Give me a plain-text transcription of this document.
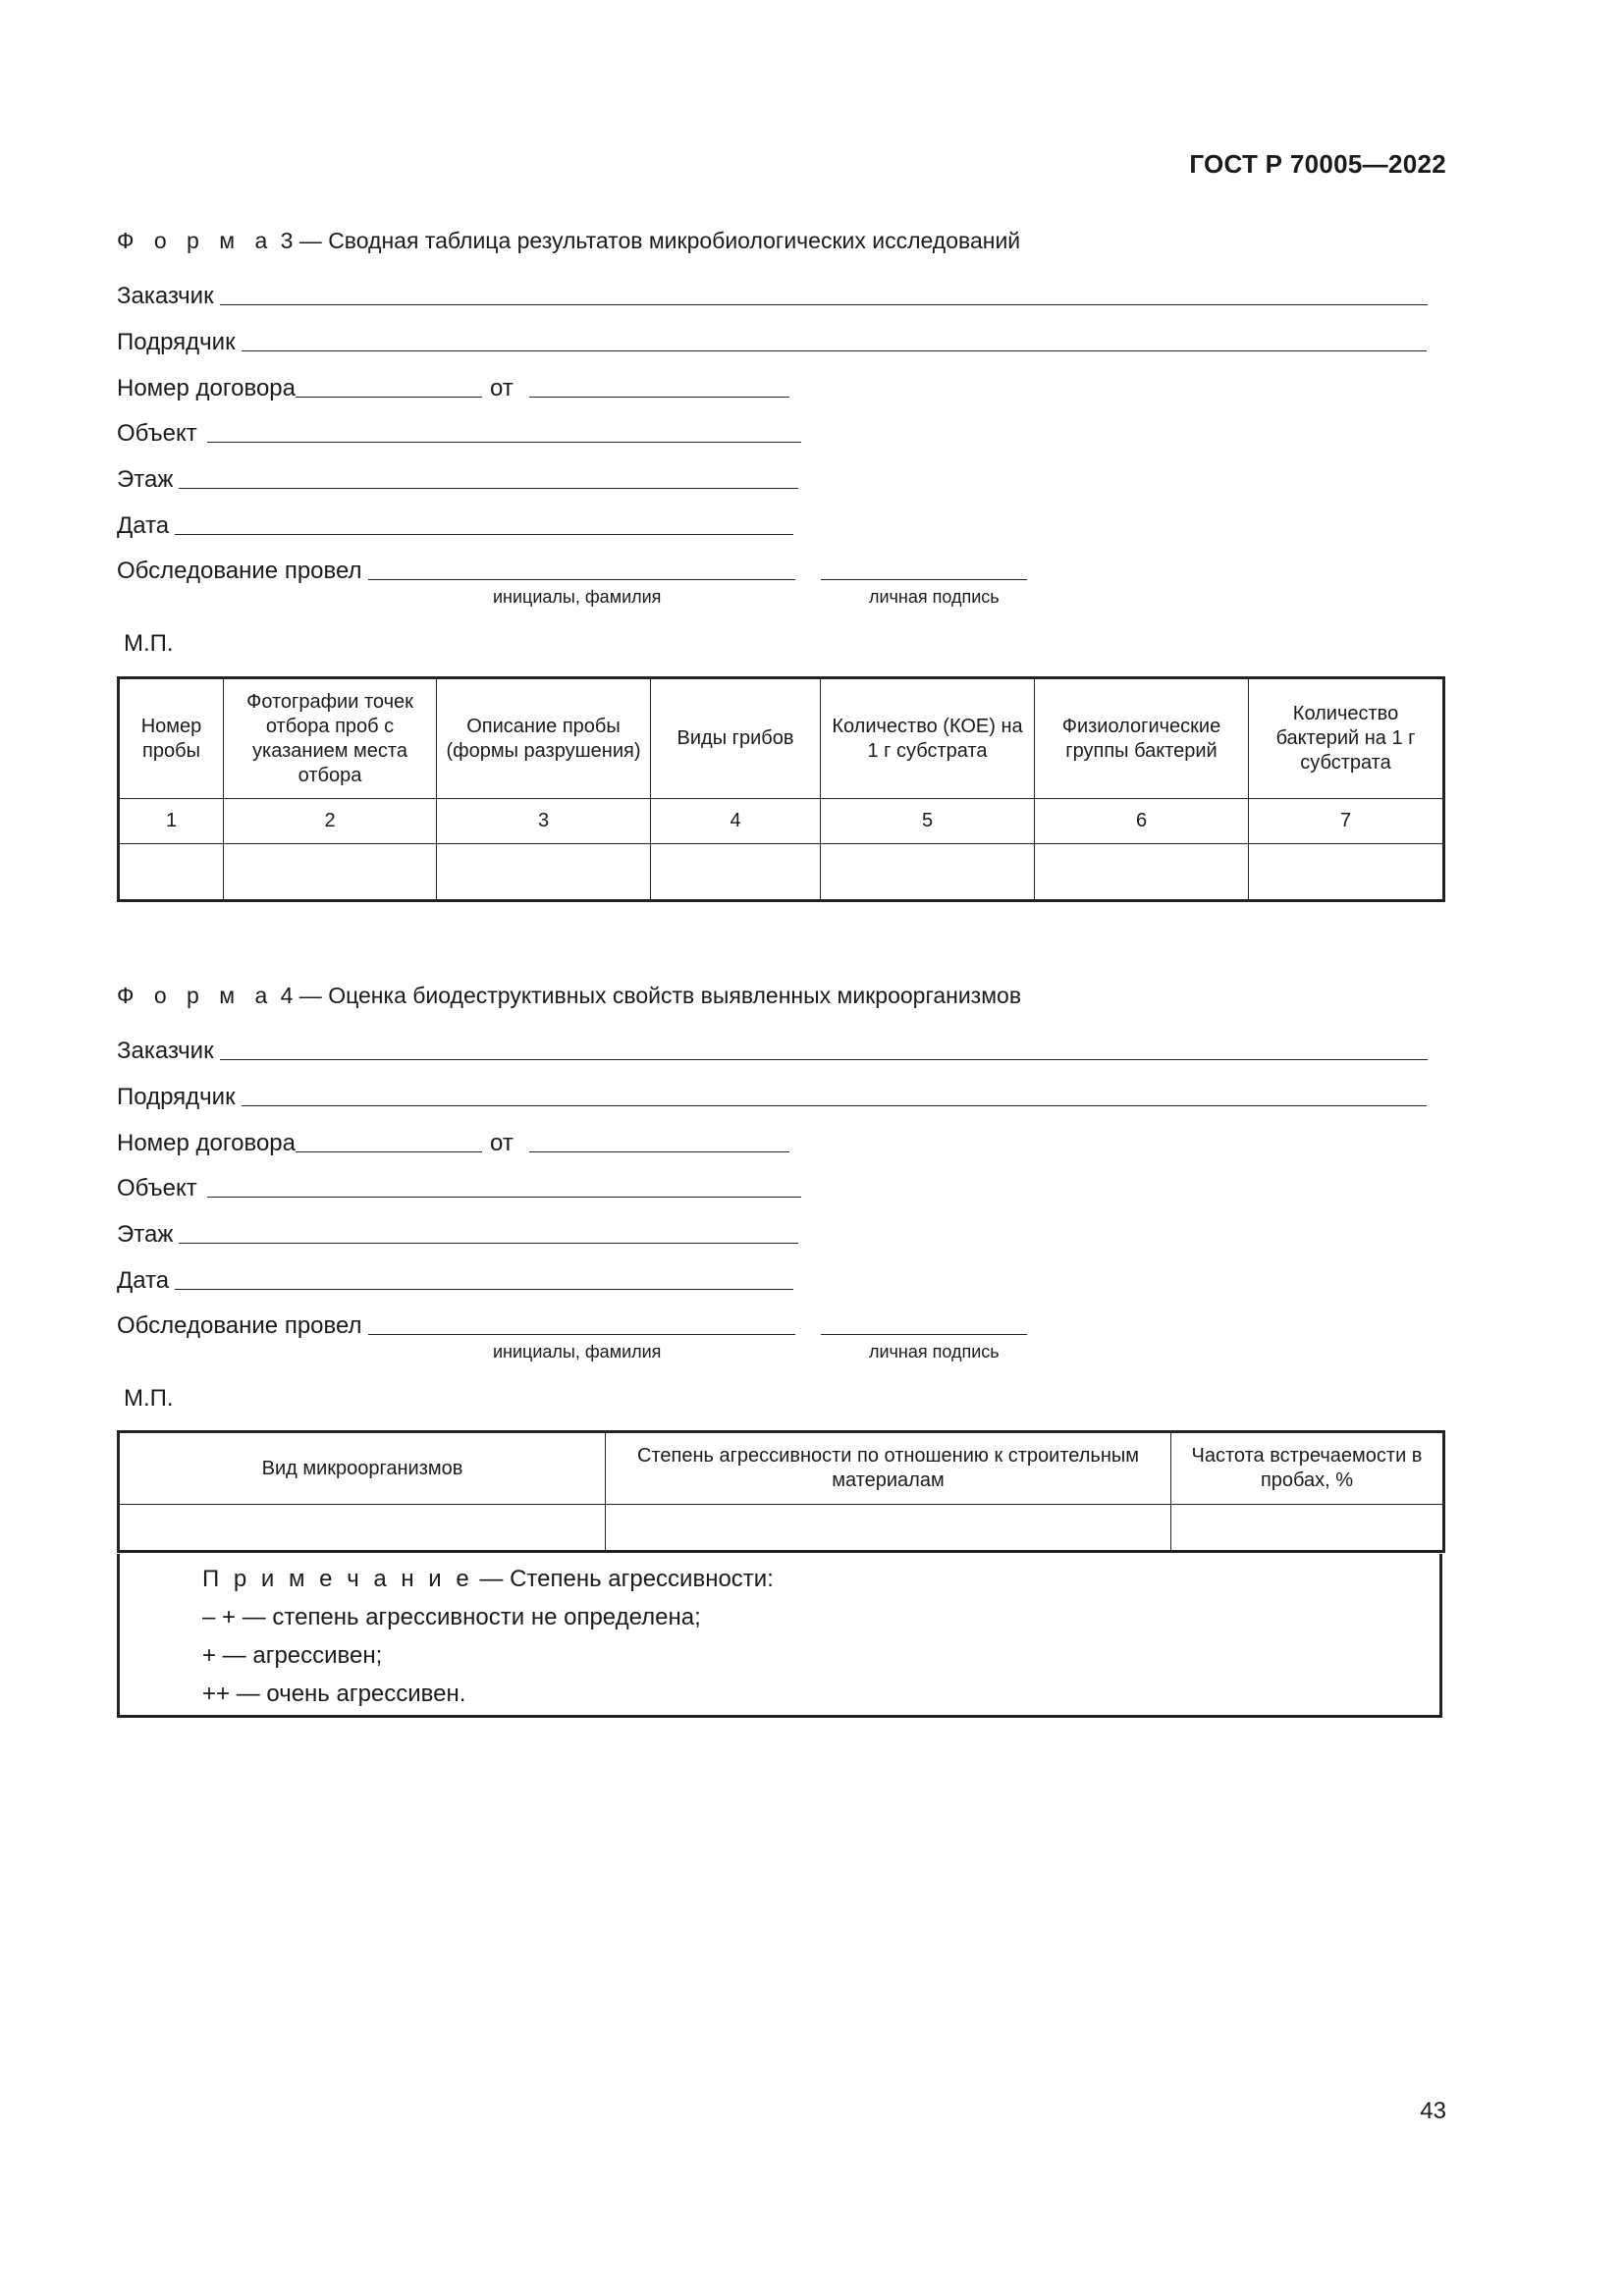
ГОСТ Р 70005—2022
Ф о р м а 3 — Сводная таблица результатов микробиологических исследований
Заказчик
Подрядчик
Номер договора	от
Объект
Этаж
Дата
Обследование провел
инициалы, фамилия	личная подпись
М.П.
Номер пробы	Фотографии точек отбора проб с указанием места отбора	Описание пробы (формы разрушения)	Виды грибов	Количество (КОЕ) на 1 г субстрата	Физиологические группы бактерий	Количество бактерий на 1 г субстрата
1	2	3	4	5	6	7

Ф о р м а 4 — Оценка биодеструктивных свойств выявленных микроорганизмов
Заказчик
Подрядчик
Номер договора	от
Объект
Этаж
Дата
Обследование провел
инициалы, фамилия	личная подпись
М.П.
Вид микроорганизмов	Степень агрессивности по отношению к строительным материалам	Частота встречаемости в пробах, %

П р и м е ч а н и е — Степень агрессивности:
– + — степень агрессивности не определена;
+ — агрессивен;
++ — очень агрессивен.
43
